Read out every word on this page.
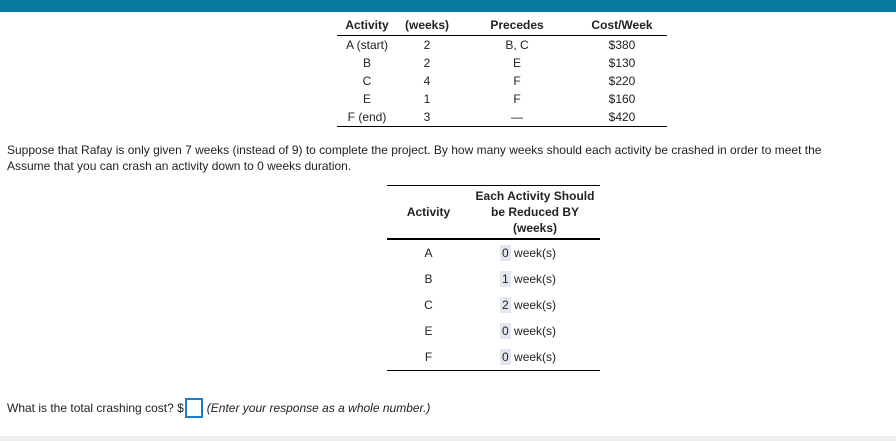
Activity	(weeks)	Precedes	Cost/Week
A (start)	2	B, C	$380
B	2	E	$130
C	4	F	$220
E	1	F	$160
F (end)	3	—	$420
Suppose that Rafay is only given 7 weeks (instead of 9) to complete the project. By how many weeks should each activity be crashed in order to meet the
Assume that you can crash an activity down to 0 weeks duration.
Activity	Each Activity Should be Reduced BY (weeks)
A	0 week(s)
B	1 week(s)
C	2 week(s)
E	0 week(s)
F	0 week(s)
What is the total crashing cost? $ (Enter your response as a whole number.)
